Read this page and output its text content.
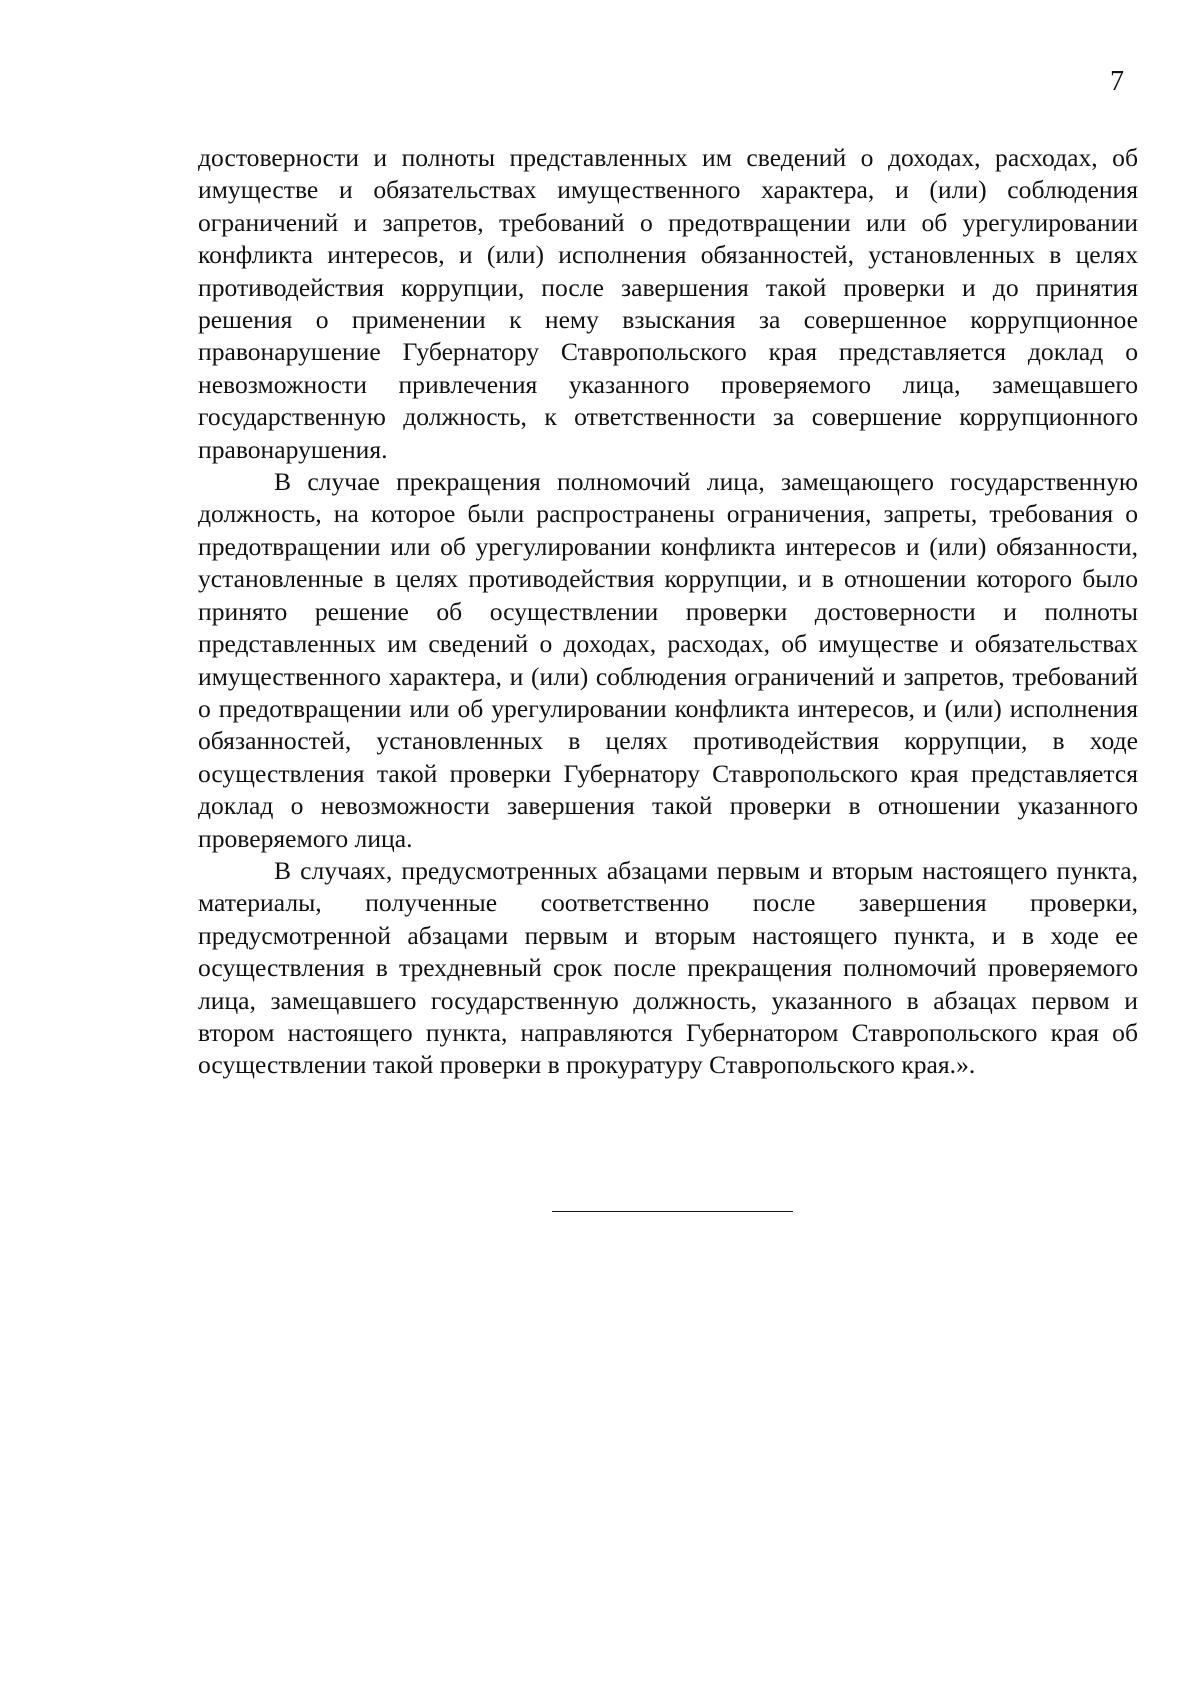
7

достоверности и полноты представленных им сведений о доходах, расходах, об имуществе и обязательствах имущественного характера, и (или) соблюдения ограничений и запретов, требований о предотвращении или об урегулировании конфликта интересов, и (или) исполнения обязанностей, установленных в целях противодействия коррупции, после завершения такой проверки и до принятия решения о применении к нему взыскания за совершенное коррупционное правонарушение Губернатору Ставропольского края представляется доклад о невозможности привлечения указанного проверяемого лица, замещавшего государственную должность, к ответственности за совершение коррупционного правонарушения.

В случае прекращения полномочий лица, замещающего государственную должность, на которое были распространены ограничения, запреты, требования о предотвращении или об урегулировании конфликта интересов и (или) обязанности, установленные в целях противодействия коррупции, и в отношении которого было принято решение об осуществлении проверки достоверности и полноты представленных им сведений о доходах, расходах, об имуществе и обязательствах имущественного характера, и (или) соблюдения ограничений и запретов, требований о предотвращении или об урегулировании конфликта интересов, и (или) исполнения обязанностей, установленных в целях противодействия коррупции, в ходе осуществления такой проверки Губернатору Ставропольского края представляется доклад о невозможности завершения такой проверки в отношении указанного проверяемого лица.

В случаях, предусмотренных абзацами первым и вторым настоящего пункта, материалы, полученные соответственно после завершения проверки, предусмотренной абзацами первым и вторым настоящего пункта, и в ходе ее осуществления в трехдневный срок после прекращения полномочий проверяемого лица, замещавшего государственную должность, указанного в абзацах первом и втором настоящего пункта, направляются Губернатором Ставропольского края об осуществлении такой проверки в прокуратуру Ставропольского края.».
